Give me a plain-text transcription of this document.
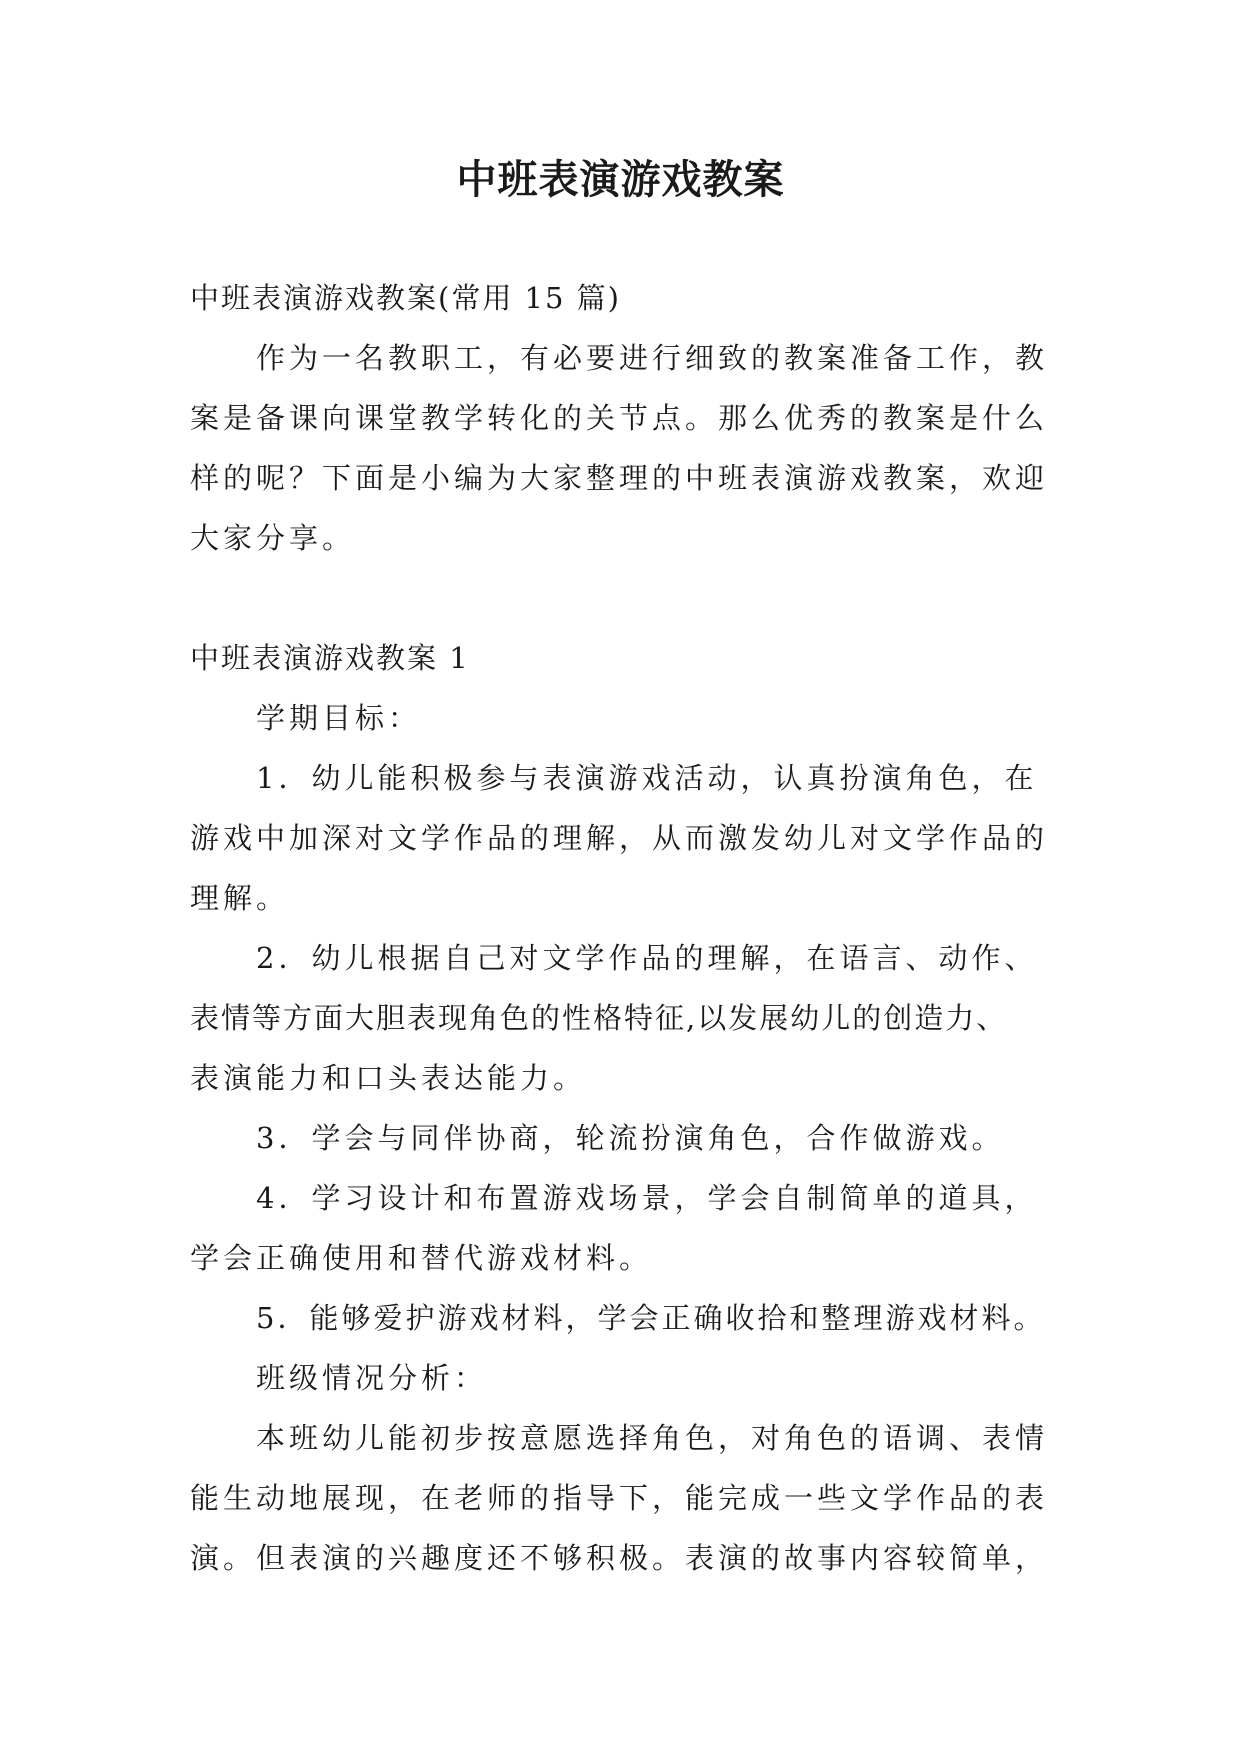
中班表演游戏教案
中班表演游戏教案(常用 15 篇)
作为一名教职工，有必要进行细致的教案准备工作，教
案是备课向课堂教学转化的关节点。那么优秀的教案是什么
样的呢？下面是小编为大家整理的中班表演游戏教案，欢迎
大家分享。
中班表演游戏教案 1
学期目标：
1．幼儿能积极参与表演游戏活动，认真扮演角色，在
游戏中加深对文学作品的理解，从而激发幼儿对文学作品的
理解。
2．幼儿根据自己对文学作品的理解，在语言、动作、
表情等方面大胆表现角色的性格特征,以发展幼儿的创造力、
表演能力和口头表达能力。
3．学会与同伴协商，轮流扮演角色，合作做游戏。
4．学习设计和布置游戏场景，学会自制简单的道具，
学会正确使用和替代游戏材料。
5．能够爱护游戏材料，学会正确收拾和整理游戏材料。
班级情况分析：
本班幼儿能初步按意愿选择角色，对角色的语调、表情
能生动地展现，在老师的指导下，能完成一些文学作品的表
演。但表演的兴趣度还不够积极。表演的故事内容较简单，
